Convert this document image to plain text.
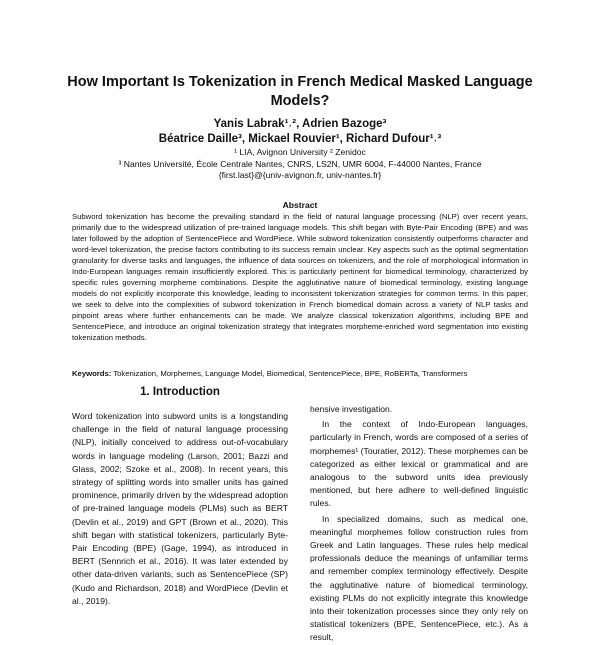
How Important Is Tokenization in French Medical Masked Language Models?
Yanis Labrak¹˒², Adrien Bazoge³
Béatrice Daille³, Mickael Rouvier¹, Richard Dufour¹˒³
¹ LIA, Avignon University ² Zenidoc
³ Nantes Université, École Centrale Nantes, CNRS, LS2N, UMR 6004, F-44000 Nantes, France
{first.last}@{univ-avignon.fr, univ-nantes.fr}
Abstract

Subword tokenization has become the prevailing standard in the field of natural language processing (NLP) over recent years, primarily due to the widespread utilization of pre-trained language models. This shift began with Byte-Pair Encoding (BPE) and was later followed by the adoption of SentencePiece and WordPiece. While subword tokenization consistently outperforms character and word-level tokenization, the precise factors contributing to its success remain unclear. Key aspects such as the optimal segmentation granularity for diverse tasks and languages, the influence of data sources on tokenizers, and the role of morphological information in Indo-European languages remain insufficiently explored. This is particularly pertinent for biomedical terminology, characterized by specific rules governing morpheme combinations. Despite the agglutinative nature of biomedical terminology, existing language models do not explicitly incorporate this knowledge, leading to inconsistent tokenization strategies for common terms. In this paper, we seek to delve into the complexities of subword tokenization in French biomedical domain across a variety of NLP tasks and pinpoint areas where further enhancements can be made. We analyze classical tokenization algorithms, including BPE and SentencePiece, and introduce an original tokenization strategy that integrates morpheme-enriched word segmentation into existing tokenization methods.

Keywords: Tokenization, Morphemes, Language Model, Biomedical, SentencePiece, BPE, RoBERTa, Transformers

1. Introduction

Word tokenization into subword units is a longstanding challenge in the field of natural language processing (NLP), initially conceived to address out-of-vocabulary words in language modeling (Larson, 2001; Bazzi and Glass, 2002; Szoke et al., 2008). In recent years, this strategy of splitting words into smaller units has gained prominence, primarily driven by the widespread adoption of pre-trained language models (PLMs) such as BERT (Devlin et al., 2019) and GPT (Brown et al., 2020). This shift began with statistical tokenizers, particularly Byte-Pair Encoding (BPE) (Gage, 1994), as introduced in BERT (Sennrich et al., 2016). It was later extended by other data-driven variants, such as SentencePiece (SP) (Kudo and Richardson, 2018) and WordPiece (Devlin et al., 2019).

hensive investigation.

In the context of Indo-European languages, particularly in French, words are composed of a series of morphemes¹ (Touratier, 2012). These morphemes can be categorized as either lexical or grammatical and are analogous to the subword units idea previously mentioned, but here adhere to well-defined linguistic rules.

In specialized domains, such as medical one, meaningful morphemes follow construction rules from Greek and Latin languages. These rules help medical professionals deduce the meanings of unfamiliar terms and remember complex terminology effectively. Despite the agglutinative nature of biomedical terminology, existing PLMs do not explicitly integrate this knowledge into their tokenization processes since they only rely on statistical tokenizers (BPE, SentencePiece, etc.). As a result,
